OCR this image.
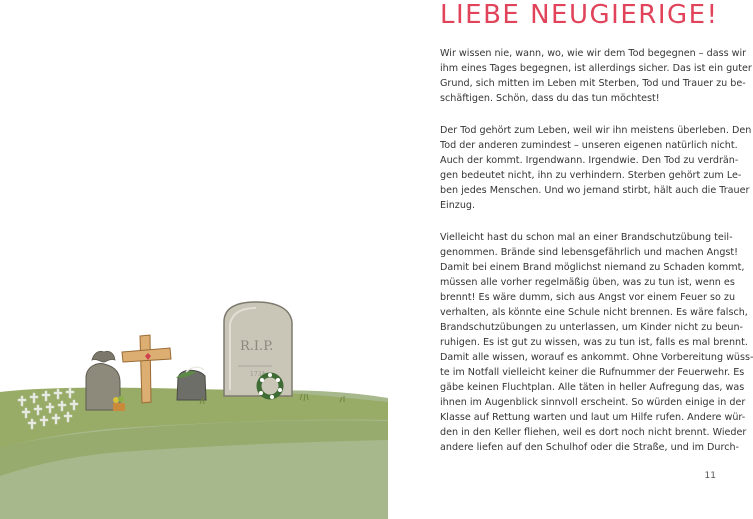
R.I.P.
1734
LIEBE NEUGIERIGE!

Wir wissen nie, wann, wo, wie wir dem Tod begegnen – dass wir
ihm eines Tages begegnen, ist allerdings sicher. Das ist ein guter
Grund, sich mitten im Leben mit Sterben, Tod und Trauer zu be-
schäftigen. Schön, dass du das tun möchtest!

Der Tod gehört zum Leben, weil wir ihn meistens überleben. Den
Tod der anderen zumindest – unseren eigenen natürlich nicht.
Auch der kommt. Irgendwann. Irgendwie. Den Tod zu verdrän-
gen bedeutet nicht, ihn zu verhindern. Sterben gehört zum Le-
ben jedes Menschen. Und wo jemand stirbt, hält auch die Trauer
Einzug.

Vielleicht hast du schon mal an einer Brandschutzübung teil-
genommen. Brände sind lebensgefährlich und machen Angst!
Damit bei einem Brand möglichst niemand zu Schaden kommt,
müssen alle vorher regelmäßig üben, was zu tun ist, wenn es
brennt! Es wäre dumm, sich aus Angst vor einem Feuer so zu
verhalten, als könnte eine Schule nicht brennen. Es wäre falsch,
Brandschutzübungen zu unterlassen, um Kinder nicht zu beun-
ruhigen. Es ist gut zu wissen, was zu tun ist, falls es mal brennt.
Damit alle wissen, worauf es ankommt. Ohne Vorbereitung wüss-
te im Notfall vielleicht keiner die Rufnummer der Feuerwehr. Es
gäbe keinen Fluchtplan. Alle täten in heller Aufregung das, was
ihnen im Augenblick sinnvoll erscheint. So würden einige in der
Klasse auf Rettung warten und laut um Hilfe rufen. Andere wür-
den in den Keller fliehen, weil es dort noch nicht brennt. Wieder
andere liefen auf den Schulhof oder die Straße, und im Durch-

11
